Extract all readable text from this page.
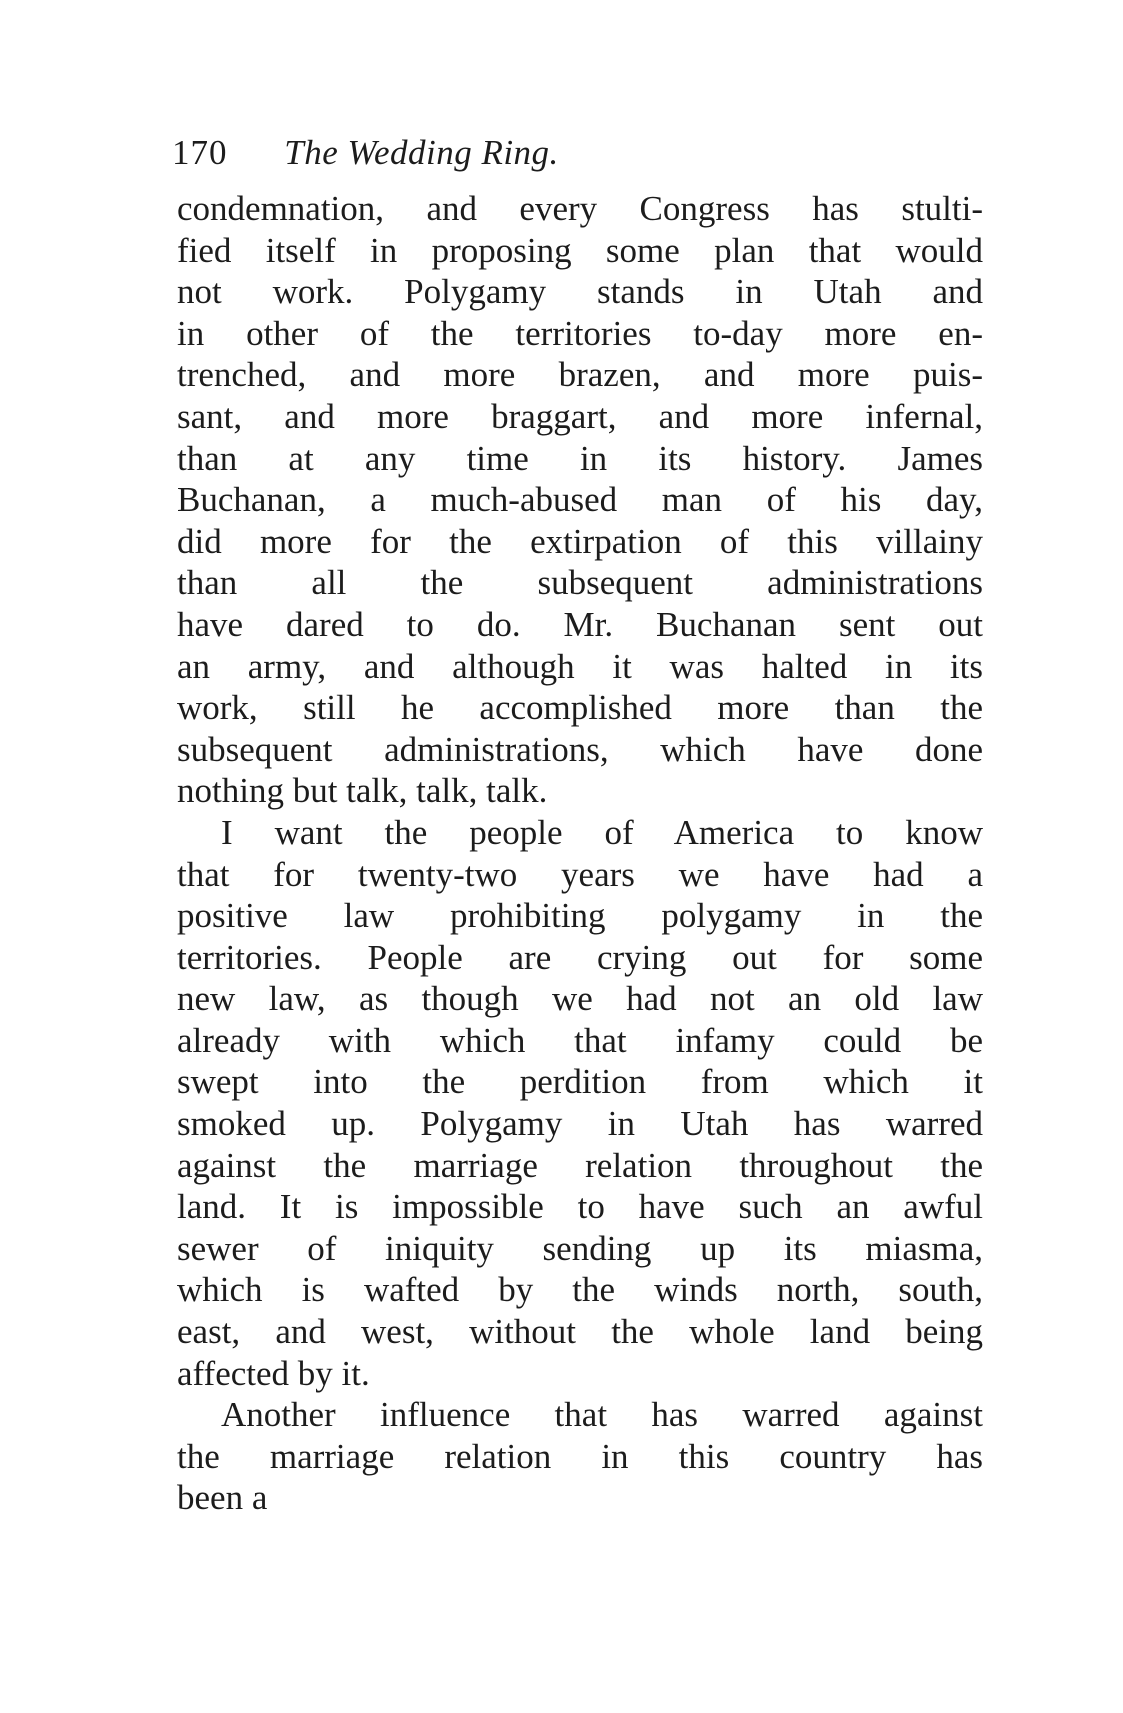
170 The Wedding Ring.
condemnation, and every Congress has stulti-
fied itself in proposing some plan that would
not work. Polygamy stands in Utah and
in other of the territories to-day more en-
trenched, and more brazen, and more puis-
sant, and more braggart, and more infernal,
than at any time in its history. James
Buchanan, a much-abused man of his day,
did more for the extirpation of this villainy
than all the subsequent administrations
have dared to do. Mr. Buchanan sent out
an army, and although it was halted in its
work, still he accomplished more than the
subsequent administrations, which have done
nothing but talk, talk, talk.
I want the people of America to know
that for twenty-two years we have had a
positive law prohibiting polygamy in the
territories. People are crying out for some
new law, as though we had not an old law
already with which that infamy could be
swept into the perdition from which it
smoked up. Polygamy in Utah has warred
against the marriage relation throughout the
land. It is impossible to have such an awful
sewer of iniquity sending up its miasma,
which is wafted by the winds north, south,
east, and west, without the whole land being
affected by it.
Another influence that has warred against
the marriage relation in this country has
been a
